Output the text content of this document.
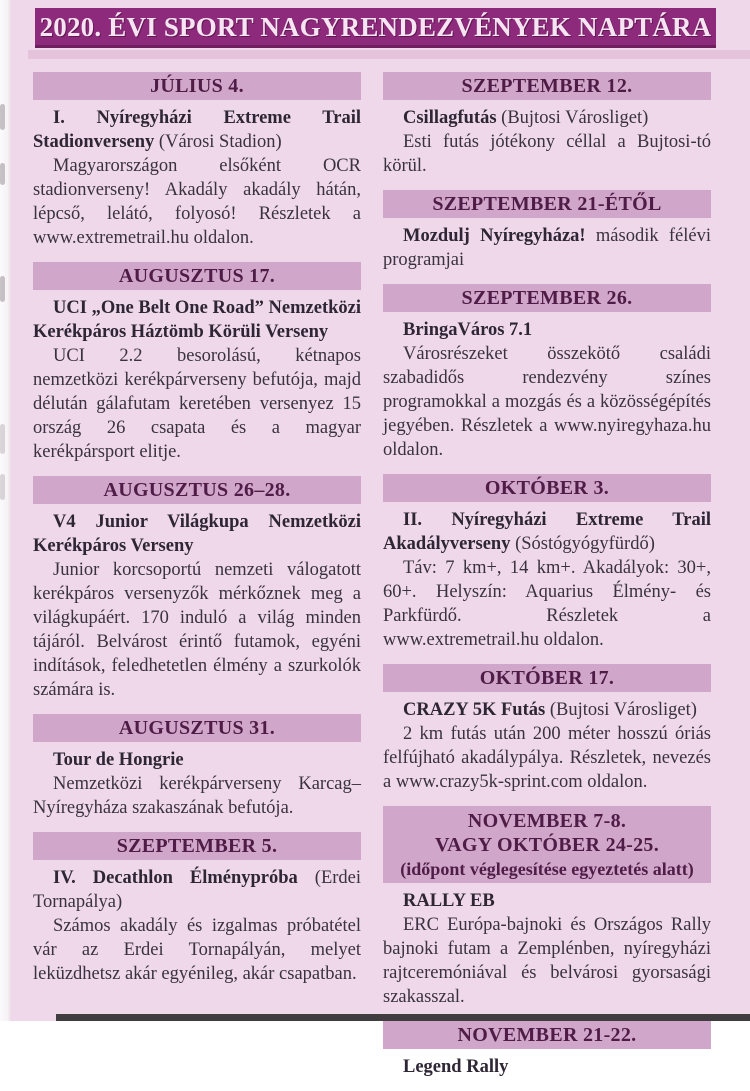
2020. ÉVI SPORT NAGYRENDEZVÉNYEK NAPTÁRA
JÚLIUS 4.

I. Nyíregyházi Extreme Trail Stadionverseny (Városi Stadion)

Magyarországon elsőként OCR stadionverseny! Akadály akadály hátán, lépcső, lelátó, folyosó! Részletek a www.extremetrail.hu oldalon.

AUGUSZTUS 17.

UCI „One Belt One Road” Nemzetközi Kerékpáros Háztömb Körüli Verseny

UCI 2.2 besorolású, kétnapos nemzetközi kerékpárverseny befutója, majd délután gálafutam keretében versenyez 15 ország 26 csapata és a magyar kerékpársport elitje.

AUGUSZTUS 26–28.

V4 Junior Világkupa Nemzetközi Kerékpáros Verseny

Junior korcsoportú nemzeti válogatott kerékpáros versenyzők mérkőznek meg a világkupáért. 170 induló a világ minden tájáról. Belvárost érintő futamok, egyéni indítások, feledhetetlen élmény a szurkolók számára is.

AUGUSZTUS 31.

Tour de Hongrie

Nemzetközi kerékpárverseny Karcag–Nyíregyháza szakaszának befutója.

SZEPTEMBER 5.

IV. Decathlon Élménypróba (Erdei Tornapálya)

Számos akadály és izgalmas próbatétel vár az Erdei Tornapályán, melyet leküzdhetsz akár egyénileg, akár csapatban.

SZEPTEMBER 12.

Csillagfutás (Bujtosi Városliget)

Esti futás jótékony céllal a Bujtosi-tó körül.

SZEPTEMBER 21-ÉTŐL

Mozdulj Nyíregyháza! második félévi programjai

SZEPTEMBER 26.

BringaVáros 7.1

Városrészeket összekötő családi szabadidős rendezvény színes programokkal a mozgás és a közösségépítés jegyében. Részletek a www.nyiregyhaza.hu oldalon.

OKTÓBER 3.

II. Nyíregyházi Extreme Trail Akadályverseny (Sóstógyógyfürdő)

Táv: 7 km+, 14 km+. Akadályok: 30+, 60+. Helyszín: Aquarius Élmény- és Parkfürdő. Részletek a www.extremetrail.hu oldalon.

OKTÓBER 17.

CRAZY 5K Futás (Bujtosi Városliget)

2 km futás után 200 méter hosszú óriás felfújható akadálypálya. Részletek, nevezés a www.crazy5k-sprint.com oldalon.

NOVEMBER 7-8.
VAGY OKTÓBER 24-25.
(időpont véglegesítése egyeztetés alatt)

RALLY EB

ERC Európa-bajnoki és Országos Rally bajnoki futam a Zemplénben, nyíregyházi rajtceremóniával és belvárosi gyorsasági szakasszal.

NOVEMBER 21-22.

Legend Rally
